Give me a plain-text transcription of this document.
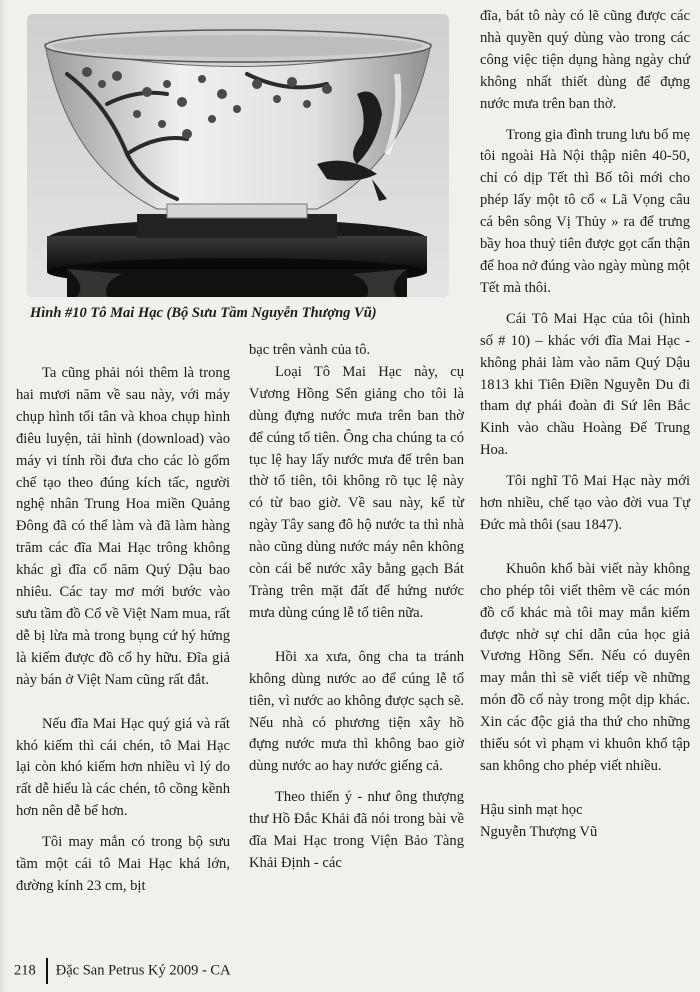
Hình #10 Tô Mai Hạc (Bộ Sưu Tầm Nguyễn Thượng Vũ)

Ta cũng phải nói thêm là trong hai mươi năm về sau này, với máy chụp hình tối tân và khoa chụp hình điêu luyện, tải hình (download) vào máy vi tính rồi đưa cho các lò gốm chế tạo theo đúng kích tấc, người nghệ nhân Trung Hoa miền Quảng Đông đã có thể làm và đã làm hàng trăm các đĩa Mai Hạc trông không khác gì đĩa cổ năm Quý Dậu bao nhiêu. Các tay mơ mới bước vào sưu tầm đồ Cổ về Việt Nam mua, rất dễ bị lừa mà trong bụng cứ hý hửng là kiếm được đồ cổ hy hữu. Đĩa giả này bán ở Việt Nam cũng rất đắt.

Nếu đĩa Mai Hạc quý giá và rất khó kiếm thì cái chén, tô Mai Hạc lại còn khó kiếm hơn nhiều vì lý do rất dễ hiểu là các chén, tô cồng kềnh hơn nên dễ bể hơn.

Tôi may mắn có trong bộ sưu tầm một cái tô Mai Hạc khá lớn, đường kính 23 cm, bịt

bạc trên vành của tô.

Loại Tô Mai Hạc này, cụ Vương Hồng Sển giảng cho tôi là dùng đựng nước mưa trên ban thờ để cúng tổ tiên. Ông cha chúng ta có tục lệ hay lấy nước mưa để trên ban thờ tổ tiên, tôi không rõ tục lệ này có từ bao giờ. Về sau này, kể từ ngày Tây sang đô hộ nước ta thì nhà nào cũng dùng nước máy nên không còn cái bể nước xây bằng gạch Bát Tràng trên mặt đất để hứng nước mưa dùng cúng lễ tổ tiên nữa.

Hồi xa xưa, ông cha ta tránh không dùng nước ao để cúng lễ tổ tiên, vì nước ao không được sạch sẽ. Nếu nhà có phương tiện xây hồ đựng nước mưa thì không bao giờ dùng nước ao hay nước giếng cả.

Theo thiển ý - như ông thượng thư Hồ Đắc Khải đã nói trong bài về đĩa Mai Hạc trong Viện Bảo Tàng Khải Định - các

đĩa, bát tô này có lẽ cũng được các nhà quyền quý dùng vào trong các công việc tiện dụng hàng ngày chứ không nhất thiết dùng để đựng nước mưa trên ban thờ.

Trong gia đình trung lưu bố mẹ tôi ngoài Hà Nội thập niên 40-50, chỉ có dịp Tết thì Bố tôi mới cho phép lấy một tô cổ « Lã Vọng câu cá bên sông Vị Thủy » ra để trưng bầy hoa thuỷ tiên được gọt cẩn thận để hoa nở đúng vào ngày mùng một Tết mà thôi.

Cái Tô Mai Hạc của tôi (hình số # 10) – khác với đĩa Mai Hạc - không phải làm vào năm Quý Dậu 1813 khi Tiên Điền Nguyễn Du đi tham dự phái đoàn đi Sứ lên Bắc Kinh vào chầu Hoàng Đế Trung Hoa.

Tôi nghĩ Tô Mai Hạc này mới hơn nhiều, chế tạo vào đời vua Tự Đức mà thôi (sau 1847).

Khuôn khổ bài viết này không cho phép tôi viết thêm về các món đồ cổ khác mà tôi may mắn kiếm được nhờ sự chỉ dẫn của học giả Vương Hồng Sển. Nếu có duyên may mắn thì sẽ viết tiếp về những món đồ cổ này trong một dịp khác. Xin các độc giả tha thứ cho những thiếu sót vì phạm vi khuôn khổ tập san không cho phép viết nhiều.

Hậu sinh mạt học

Nguyễn Thượng Vũ

218 Đặc San Petrus Ký 2009 - CA
